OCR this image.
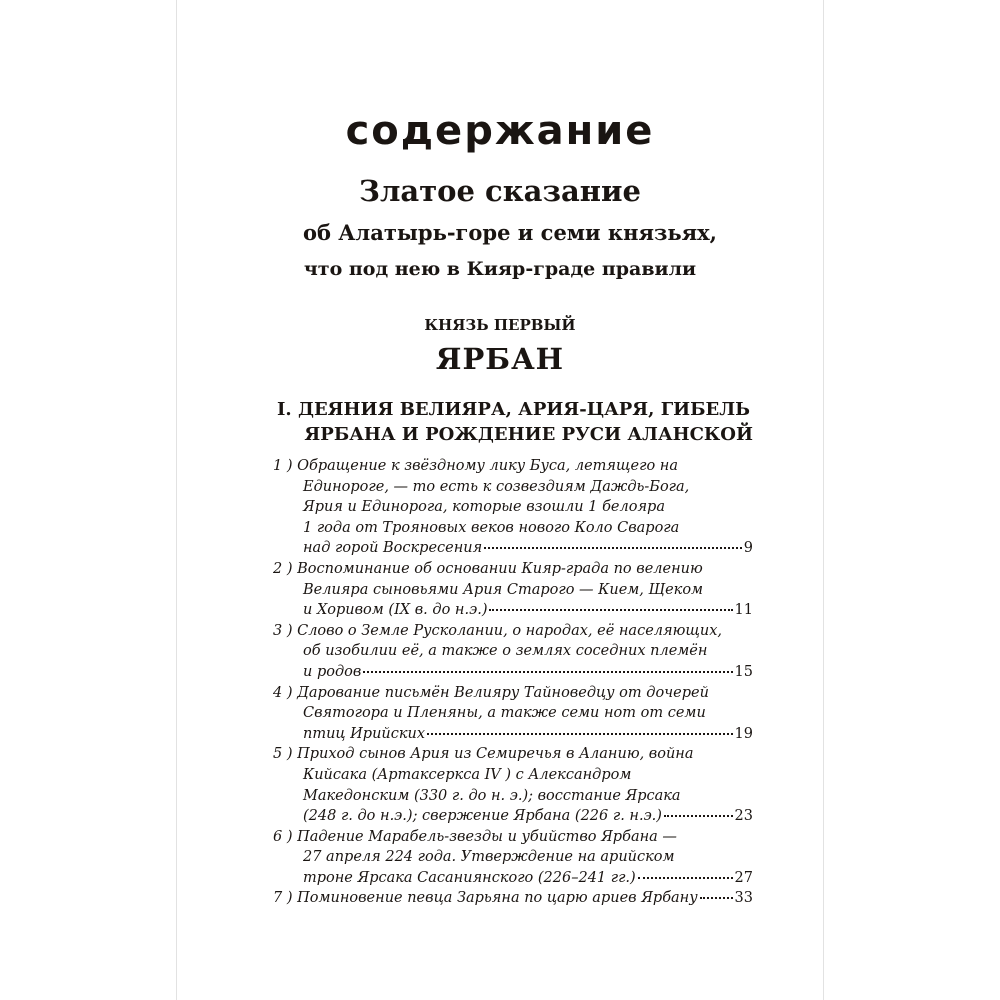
содержание
Златое сказание
об Алатырь-горе и семи князьях,
что под нею в Кияр-граде правили
КНЯЗЬ ПЕРВЫЙ
ЯРБАН
I. ДЕЯНИЯ ВЕЛИЯРА, АРИЯ-ЦАРЯ, ГИБЕЛЬ
ЯРБАНА И РОЖДЕНИЕ РУСИ АЛАНСКОЙ
1 ) Обращение к звёздному лику Буса, летящего на
Единороге, — то есть к созвездиям Даждь-Бога,
Ярия и Единорога, которые взошли 1 белояра
1 года от Трояновых веков нового Коло Сварога
над горой Воскресения	9
2 ) Воспоминание об основании Кияр-града по велению
Велияра сыновьями Ария Старого — Кием, Щеком
и Хоривом (IX в. до н.э.)	11
3 ) Слово о Земле Русколании, о народах, её населяющих,
об изобилии её, а также о землях соседних племён
и родов	15
4 ) Дарование письмён Велияру Тайноведцу от дочерей
Святогора и Пленяны, а также семи нот от семи
птиц Ирийских	19
5 ) Приход сынов Ария из Семиречья в Аланию, война
Кийсака (Артаксеркса IV ) с Александром
Македонским (330 г. до н. э.); восстание Ярсака
(248 г. до н.э.); свержение Ярбана (226 г. н.э.)	23
6 ) Падение Марабель-звезды и убийство Ярбана —
27 апреля 224 года. Утверждение на арийском
троне Ярсака Сасаниянского (226–241 гг.)	27
7 ) Поминовение певца Зарьяна по царю ариев Ярбану	33
